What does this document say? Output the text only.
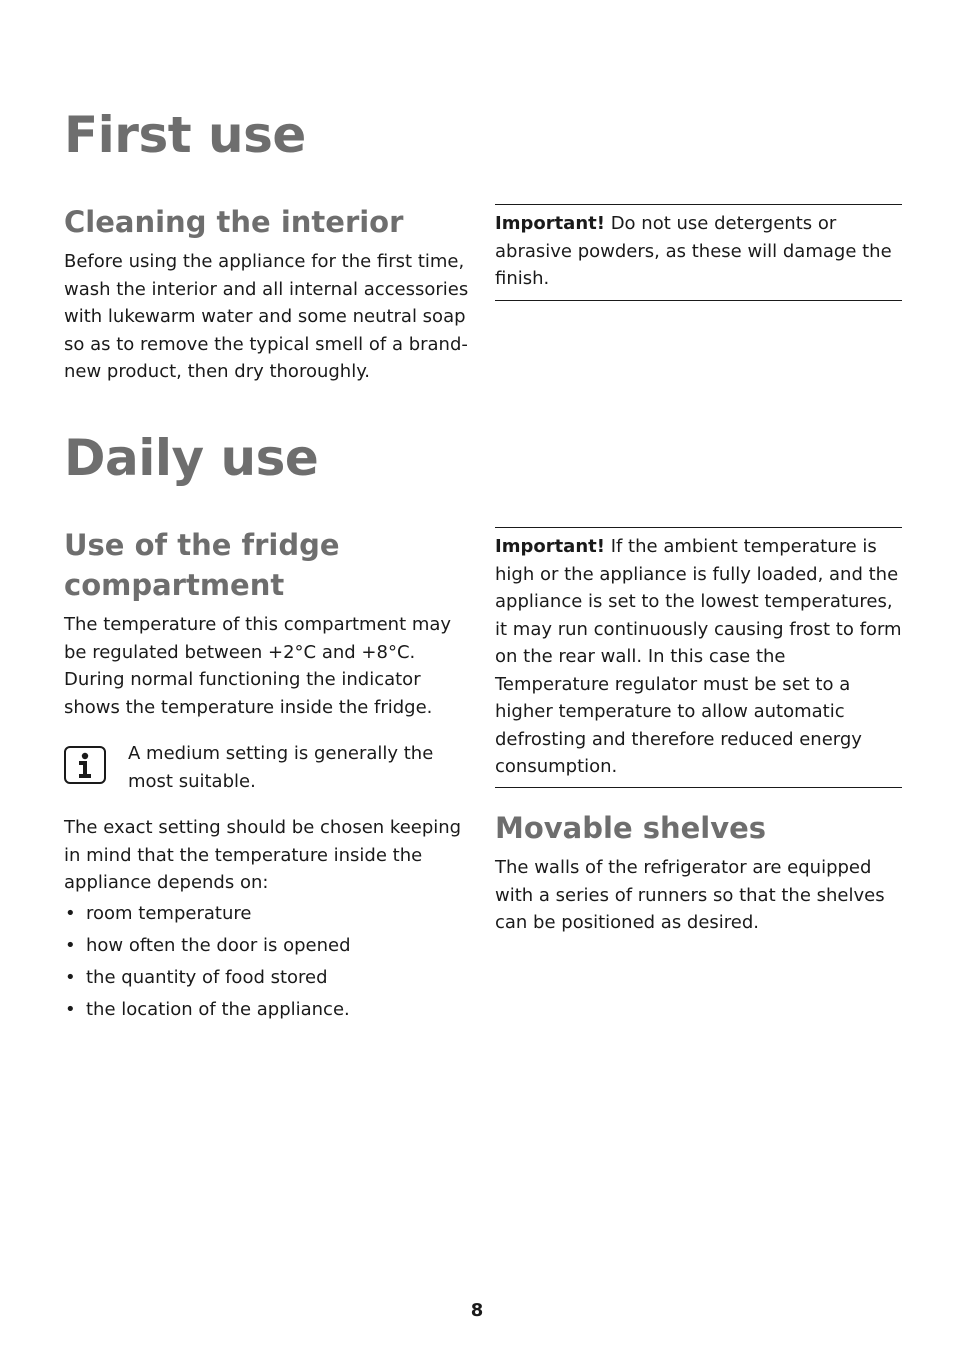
First use
Cleaning the interior

Before using the appliance for the first time, wash the interior and all internal accessories with lukewarm water and some neutral soap so as to remove the typical smell of a brand-new product, then dry thoroughly.

Important! Do not use detergents or abrasive powders, as these will damage the finish.

Daily use
Use of the fridge compartment

The temperature of this compartment may be regulated between +2°C and +8°C. During normal functioning the indicator shows the temperature inside the fridge.

A medium setting is generally the most suitable.

The exact setting should be chosen keeping in mind that the temperature inside the appliance depends on:

• room temperature
• how often the door is opened
• the quantity of food stored
• the location of the appliance.

Important! If the ambient temperature is high or the appliance is fully loaded, and the appliance is set to the lowest temperatures, it may run continuously causing frost to form on the rear wall. In this case the Temperature regulator must be set to a higher temperature to allow automatic defrosting and therefore reduced energy consumption.

Movable shelves

The walls of the refrigerator are equipped with a series of runners so that the shelves can be positioned as desired.

8
